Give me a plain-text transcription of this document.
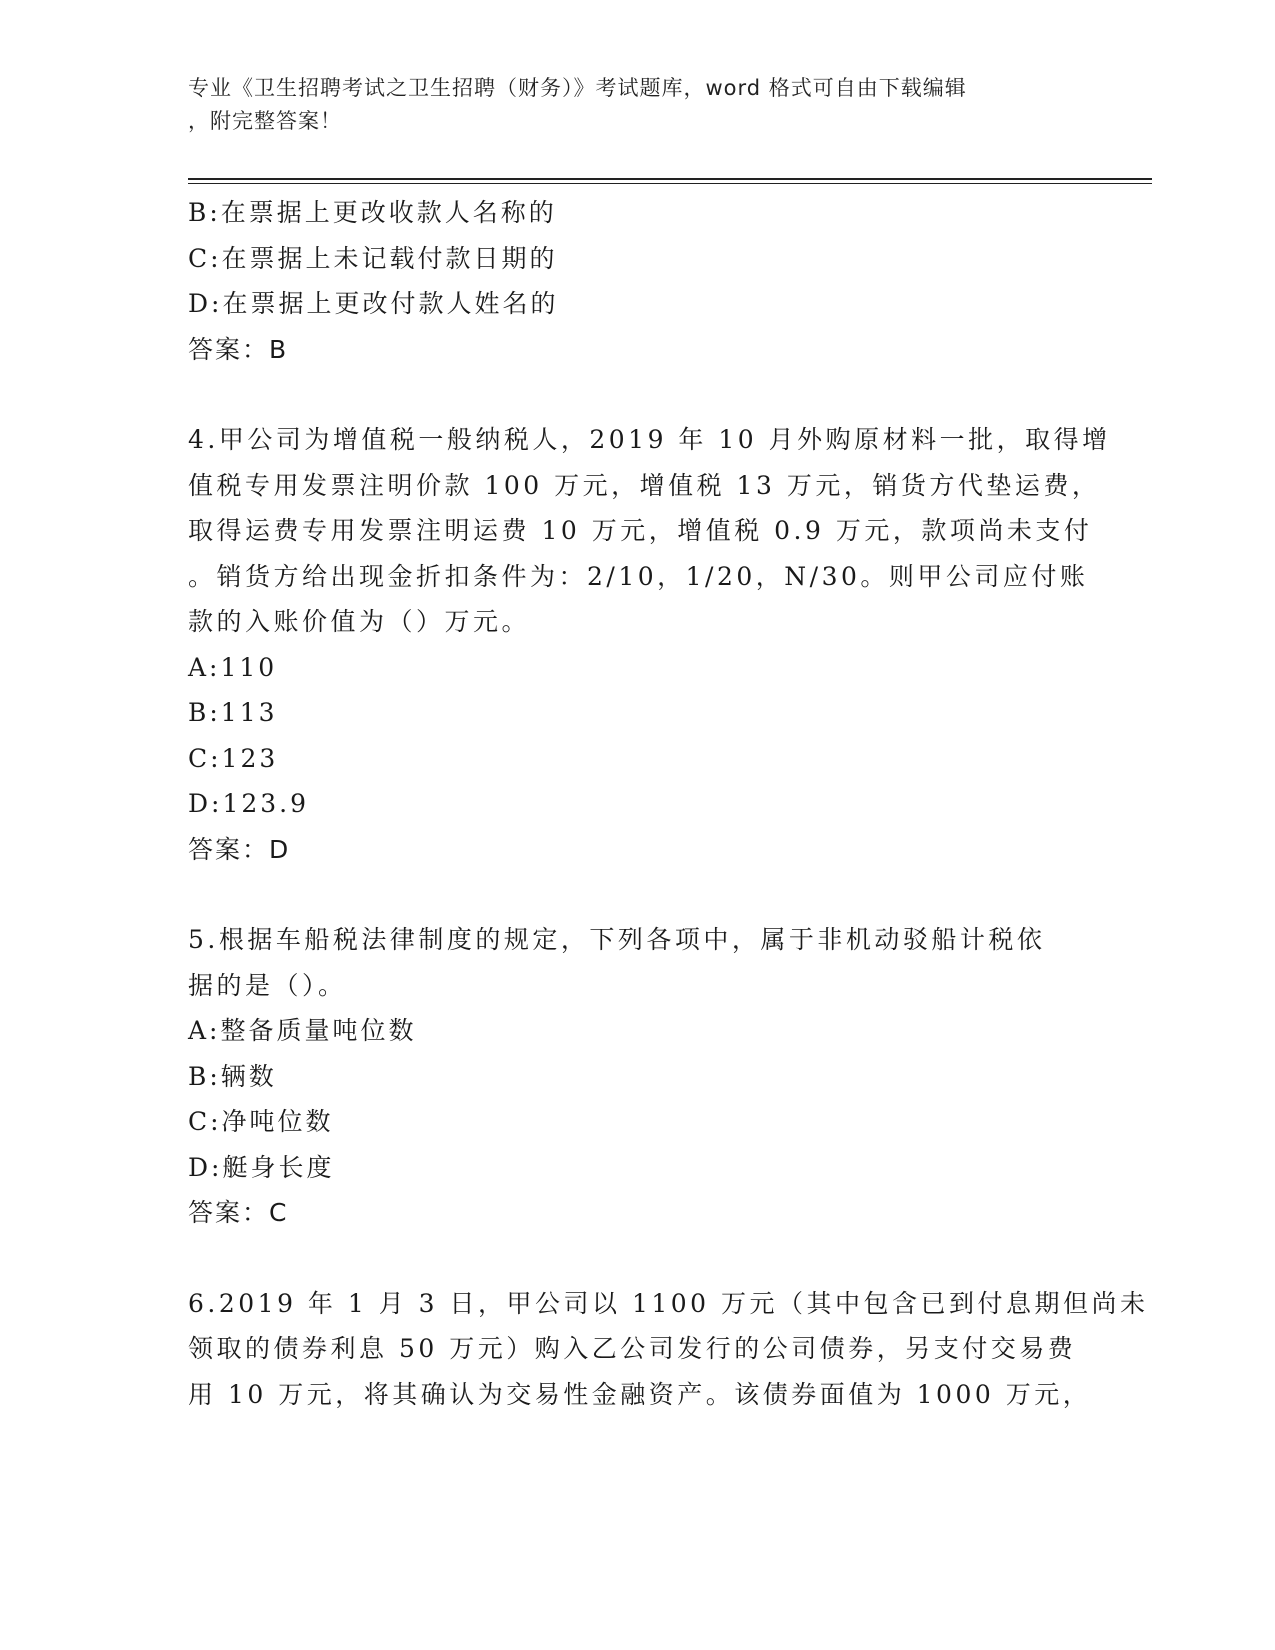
专业《卫生招聘考试之卫生招聘（财务）》考试题库，word 格式可自由下载编辑
，附完整答案！
B:在票据上更改收款人名称的
C:在票据上未记载付款日期的
D:在票据上更改付款人姓名的
答案：B
4.甲公司为增值税一般纳税人，2019 年 10 月外购原材料一批，取得增
值税专用发票注明价款 100 万元，增值税 13 万元，销货方代垫运费，
取得运费专用发票注明运费 10 万元，增值税 0.9 万元，款项尚未支付
。销货方给出现金折扣条件为：2/10，1/20，N/30。则甲公司应付账
款的入账价值为（）万元。
A:110
B:113
C:123
D:123.9
答案：D
5.根据车船税法律制度的规定，下列各项中，属于非机动驳船计税依
据的是（）。
A:整备质量吨位数
B:辆数
C:净吨位数
D:艇身长度
答案：C
6.2019 年 1 月 3 日，甲公司以 1100 万元（其中包含已到付息期但尚未
领取的债券利息 50 万元）购入乙公司发行的公司债券，另支付交易费
用 10 万元，将其确认为交易性金融资产。该债券面值为 1000 万元，
